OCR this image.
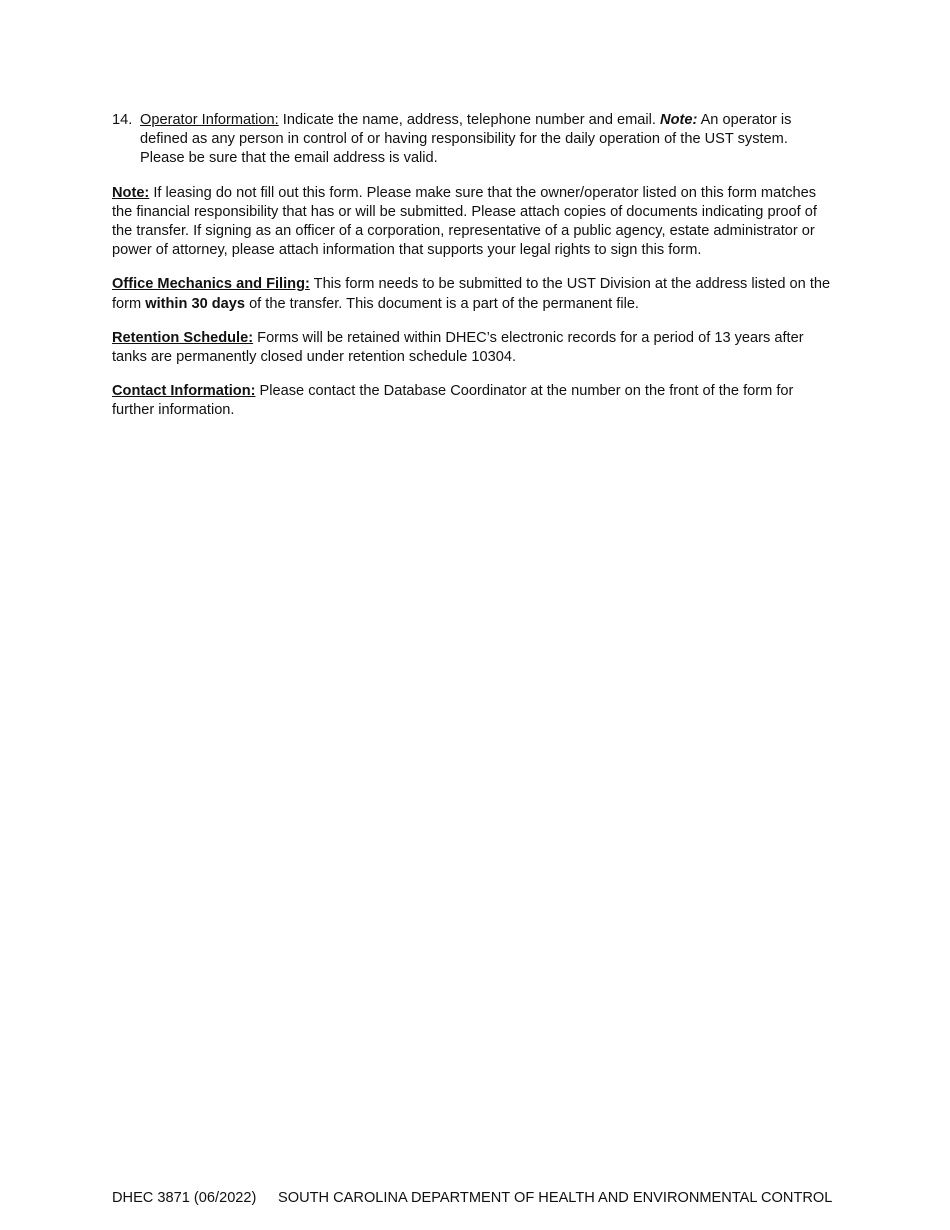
14. Operator Information: Indicate the name, address, telephone number and email. Note: An operator is defined as any person in control of or having responsibility for the daily operation of the UST system. Please be sure that the email address is valid.

Note: If leasing do not fill out this form. Please make sure that the owner/operator listed on this form matches the financial responsibility that has or will be submitted. Please attach copies of documents indicating proof of the transfer. If signing as an officer of a corporation, representative of a public agency, estate administrator or power of attorney, please attach information that supports your legal rights to sign this form.

Office Mechanics and Filing: This form needs to be submitted to the UST Division at the address listed on the form within 30 days of the transfer. This document is a part of the permanent file.

Retention Schedule: Forms will be retained within DHEC’s electronic records for a period of 13 years after tanks are permanently closed under retention schedule 10304.

Contact Information: Please contact the Database Coordinator at the number on the front of the form for further information.

DHEC 3871 (06/2022) SOUTH CAROLINA DEPARTMENT OF HEALTH AND ENVIRONMENTAL CONTROL
